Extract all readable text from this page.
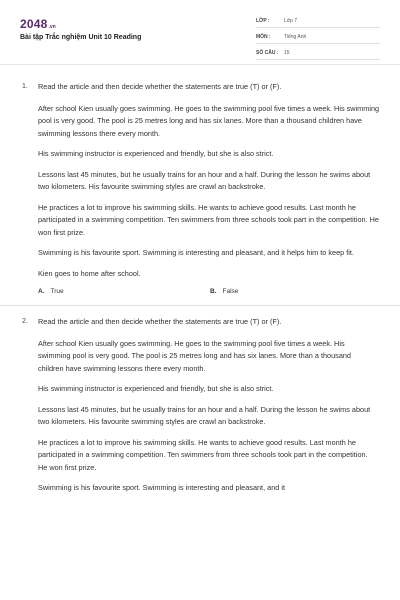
2048.vn
Bài tập Trắc nghiệm Unit 10 Reading
LỚP :	Lớp 7
MÔN :	Tiếng Anh
SỐ CÂU :	15
1.	Read the article and then decide whether the statements are true (T) or (F).

After school Kien usually goes swimming. He goes to the swimming pool five times a week. His swimming pool is very good. The pool is 25 metres long and has six lanes. More than a thousand children have swimming lessons there every month.

His swimming instructor is experienced and friendly, but she is also strict.

Lessons last 45 minutes, but he usually trains for an hour and a half. During the lesson he swims about two kilometers. His favourite swimming styles are crawl an backstroke.

He practices a lot to improve his swimming skills. He wants to achieve good results. Last month he participated in a swimming competition. Ten swimmers from three schools took part in the competition. He won first prize.

Swimming is his favourite sport. Swimming is interesting and pleasant, and it helps him to keep fit.

Kien goes to home after school.

A. True	B. False
2.	Read the article and then decide whether the statements are true (T) or (F).

After school Kien usually goes swimming. He goes to the swimming pool five times a week. His swimming pool is very good. The pool is 25 metres long and has six lanes. More than a thousand children have swimming lessons there every month.

His swimming instructor is experienced and friendly, but she is also strict.

Lessons last 45 minutes, but he usually trains for an hour and a half. During the lesson he swims about two kilometers. His favourite swimming styles are crawl an backstroke.

He practices a lot to improve his swimming skills. He wants to achieve good results. Last month he participated in a swimming competition. Ten swimmers from three schools took part in the competition. He won first prize.

Swimming is his favourite sport. Swimming is interesting and pleasant, and it
